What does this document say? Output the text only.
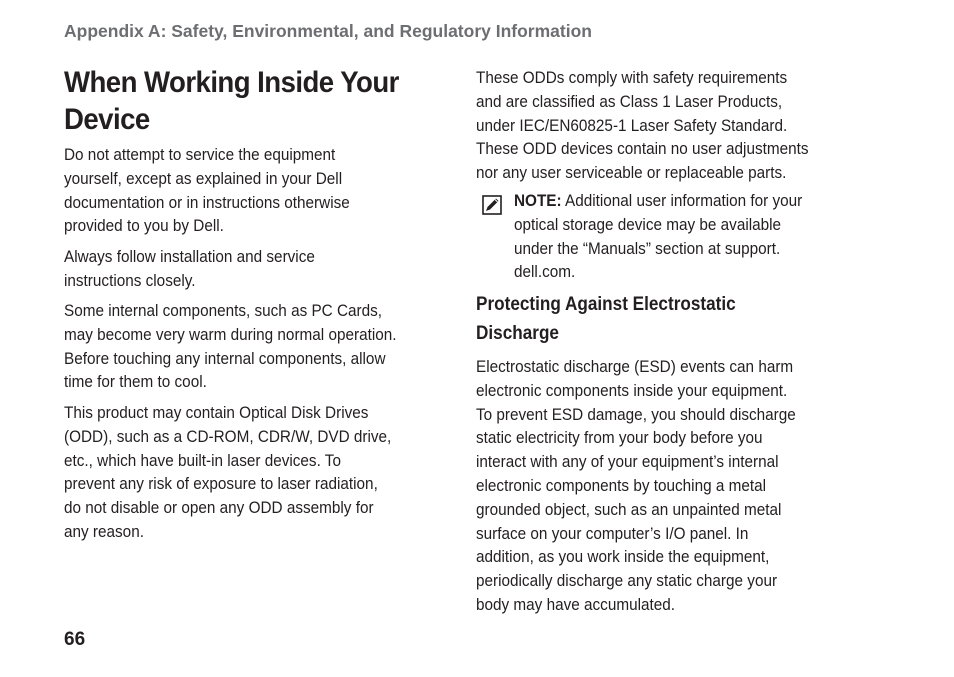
Appendix A: Safety, Environmental, and Regulatory Information
When Working Inside Your
Device

Do not attempt to service the equipment
yourself, except as explained in your Dell
documentation or in instructions otherwise
provided to you by Dell.

Always follow installation and service
instructions closely.

Some internal components, such as PC Cards,
may become very warm during normal operation.
Before touching any internal components, allow
time for them to cool.

This product may contain Optical Disk Drives
(ODD), such as a CD-ROM, CDR/W, DVD drive,
etc., which have built-in laser devices. To
prevent any risk of exposure to laser radiation,
do not disable or open any ODD assembly for
any reason.

These ODDs comply with safety requirements
and are classified as Class 1 Laser Products,
under IEC/EN60825-1 Laser Safety Standard.
These ODD devices contain no user adjustments
nor any user serviceable or replaceable parts.

NOTE: Additional user information for your
optical storage device may be available
under the “Manuals” section at support.
dell.com.

Protecting Against Electrostatic
Discharge

Electrostatic discharge (ESD) events can harm
electronic components inside your equipment.
To prevent ESD damage, you should discharge
static electricity from your body before you
interact with any of your equipment’s internal
electronic components by touching a metal
grounded object, such as an unpainted metal
surface on your computer’s I/O panel. In
addition, as you work inside the equipment,
periodically discharge any static charge your
body may have accumulated.

66
